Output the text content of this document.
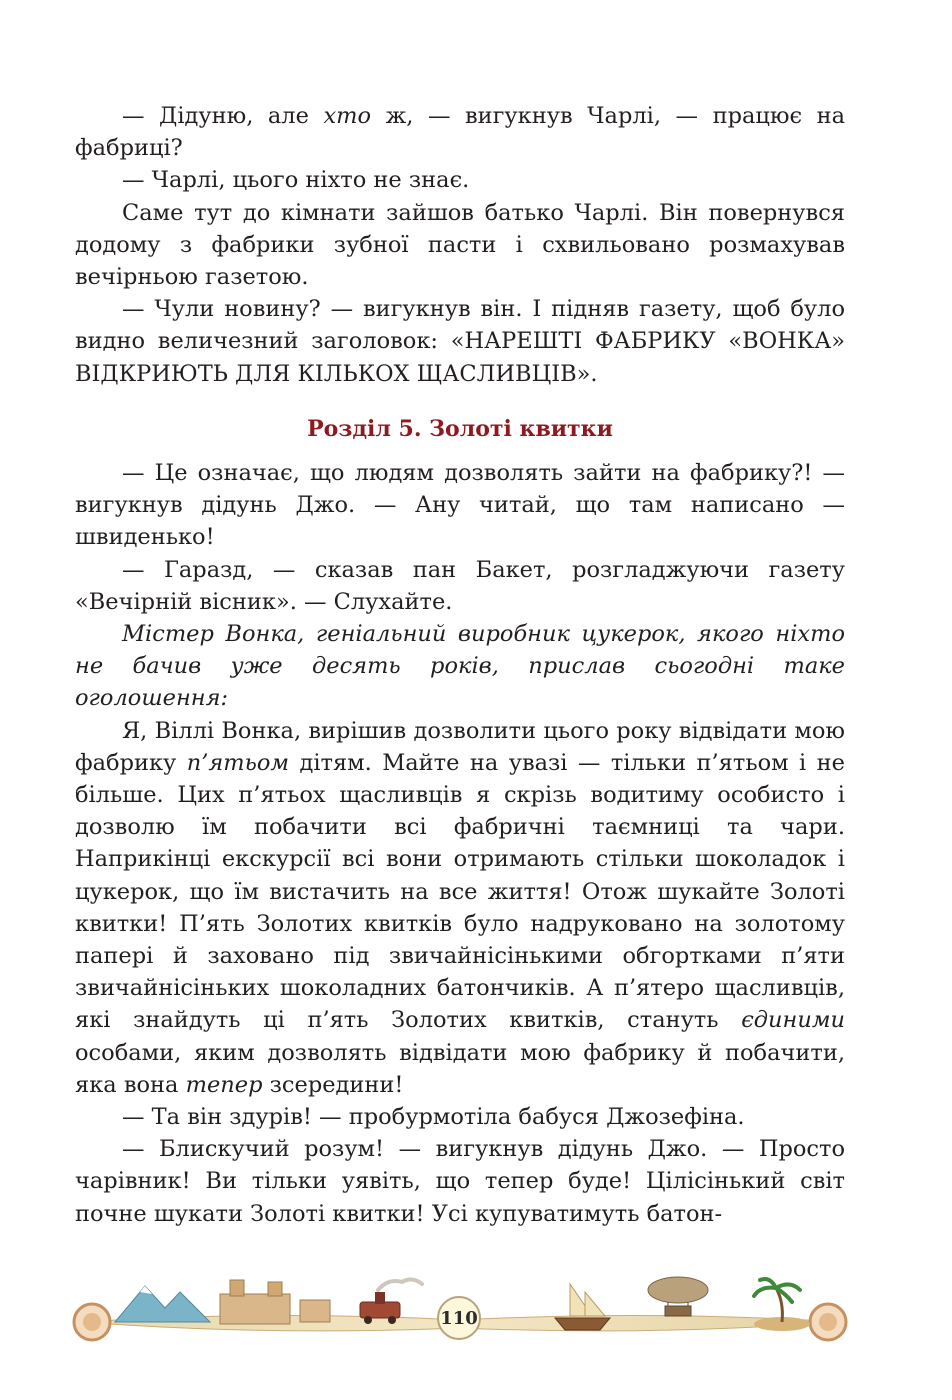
— Дідуню, але хто ж, — вигукнув Чарлі, — працює на фабриці?

— Чарлі, цього ніхто не знає.

Саме тут до кімнати зайшов батько Чарлі. Він повернувся додому з фабрики зубної пасти і схвильовано розмахував вечірньою газетою.

— Чули новину? — вигукнув він. І підняв газету, щоб було видно величезний заголовок: «НАРЕШТІ ФАБРИКУ «ВОНКА» ВІДКРИЮТЬ ДЛЯ КІЛЬКОХ ЩАСЛИВЦІВ».

Розділ 5. Золоті квитки

— Це означає, що людям дозволять зайти на фабрику?! — вигукнув дідунь Джо. — Ану читай, що там написано — швиденько!

— Гаразд, — сказав пан Бакет, розгладжуючи газету «Вечірній вісник». — Слухайте.

Містер Вонка, геніальний виробник цукерок, якого ніхто не бачив уже десять років, прислав сьогодні таке оголошення:

Я, Віллі Вонка, вирішив дозволити цього року відвідати мою фабрику п’ятьом дітям. Майте на увазі — тільки п’ятьом і не більше. Цих п’ятьох щасливців я скрізь водитиму особисто і дозволю їм побачити всі фабричні таємниці та чари. Наприкінці екскурсії всі вони отримають стільки шоколадок і цукерок, що їм вистачить на все життя! Отож шукайте Золоті квитки! П’ять Золотих квитків було надруковано на золотому папері й заховано під звичайнісінькими обгортками п’яти звичайнісіньких шоколадних батончиків. А п’ятеро щасливців, які знайдуть ці п’ять Золотих квитків, стануть єдиними особами, яким дозволять відвідати мою фабрику й побачити, яка вона тепер зсередини!

— Та він здурів! — пробурмотіла бабуся Джозефіна.

— Блискучий розум! — вигукнув дідунь Джо. — Просто чарівник! Ви тільки уявіть, що тепер буде! Цілісінький світ почне шукати Золоті квитки! Усі купуватимуть батон-

110
